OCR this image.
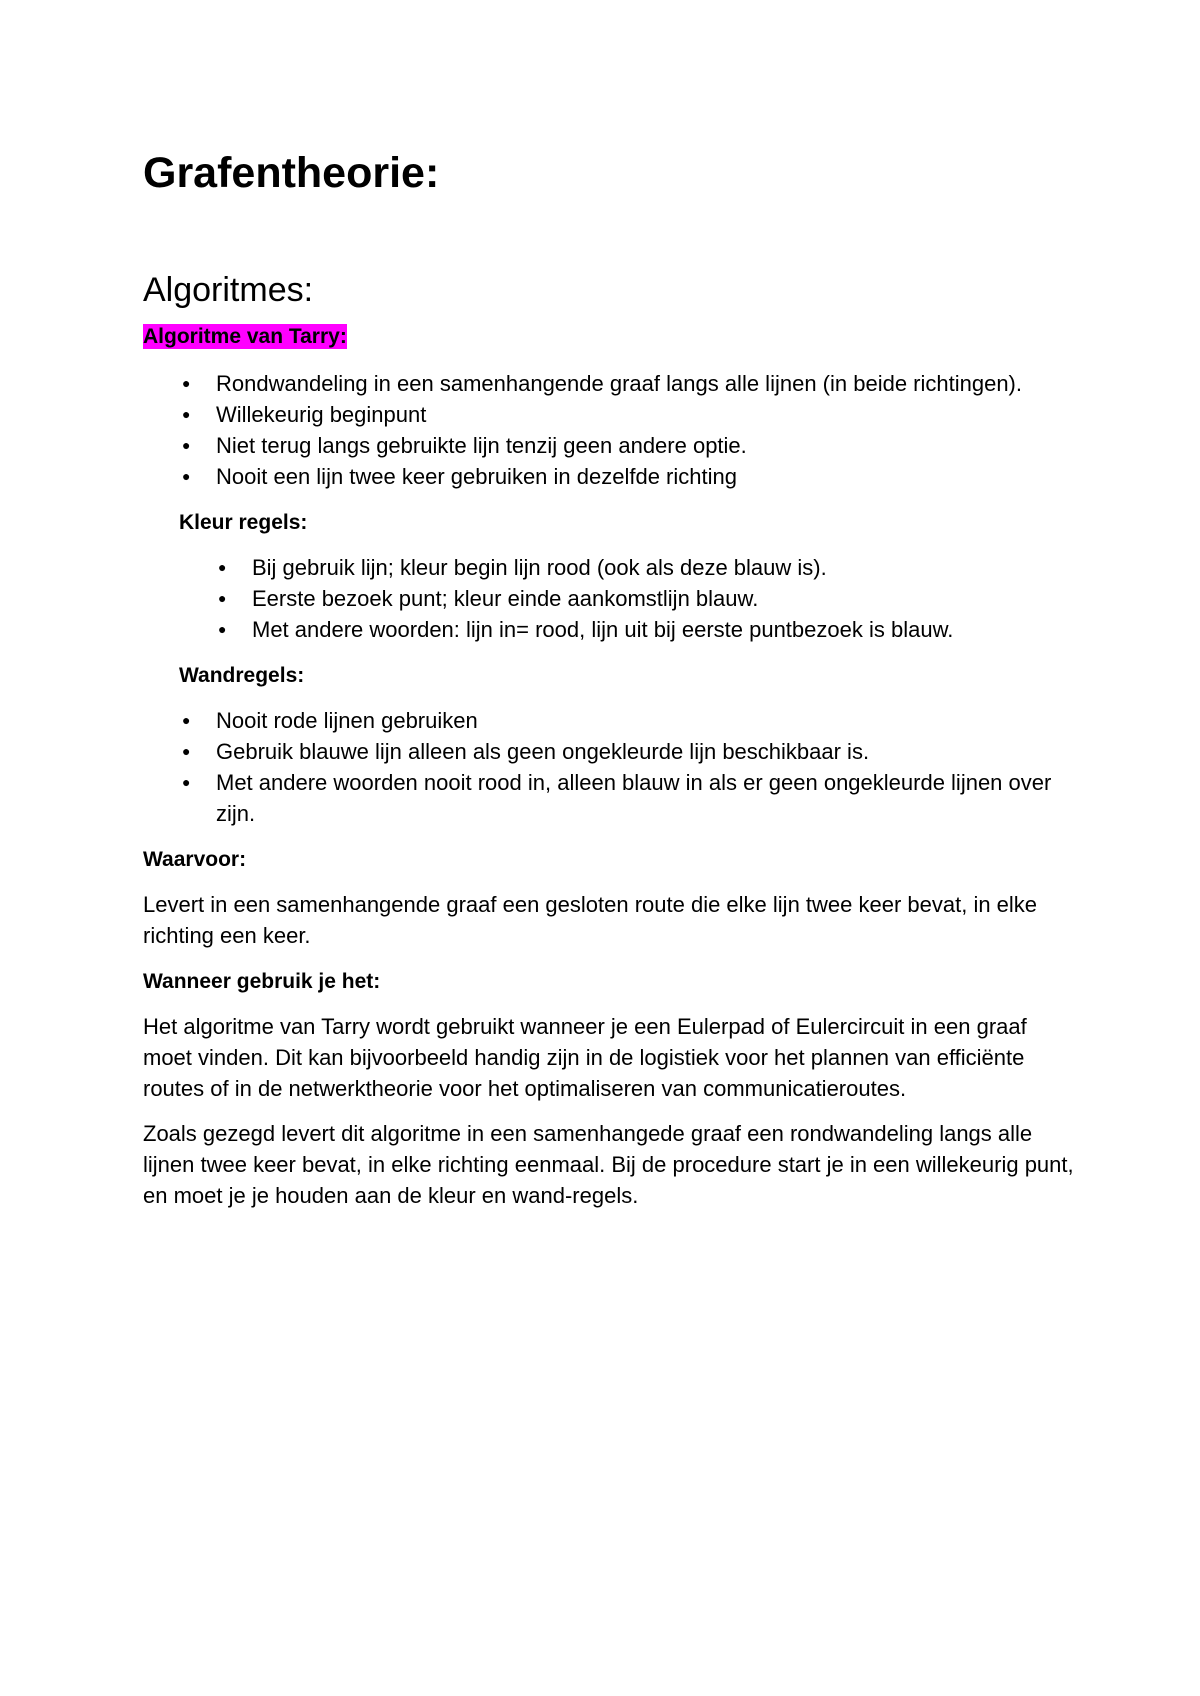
Grafentheorie:
Algoritmes:
Algoritme van Tarry:
● Rondwandeling in een samenhangende graaf langs alle lijnen (in beide richtingen).
● Willekeurig beginpunt
● Niet terug langs gebruikte lijn tenzij geen andere optie.
● Nooit een lijn twee keer gebruiken in dezelfde richting
Kleur regels:
● Bij gebruik lijn; kleur begin lijn rood (ook als deze blauw is).
● Eerste bezoek punt; kleur einde aankomstlijn blauw.
● Met andere woorden: lijn in= rood, lijn uit bij eerste puntbezoek is blauw.
Wandregels:
● Nooit rode lijnen gebruiken
● Gebruik blauwe lijn alleen als geen ongekleurde lijn beschikbaar is.
● Met andere woorden nooit rood in, alleen blauw in als er geen ongekleurde lijnen over zijn.
Waarvoor:

Levert in een samenhangende graaf een gesloten route die elke lijn twee keer bevat, in elke richting een keer.

Wanneer gebruik je het:

Het algoritme van Tarry wordt gebruikt wanneer je een Eulerpad of Eulercircuit in een graaf moet vinden. Dit kan bijvoorbeeld handig zijn in de logistiek voor het plannen van efficiënte routes of in de netwerktheorie voor het optimaliseren van communicatieroutes.

Zoals gezegd levert dit algoritme in een samenhangede graaf een rondwandeling langs alle lijnen twee keer bevat, in elke richting eenmaal. Bij de procedure start je in een willekeurig punt, en moet je je houden aan de kleur en wand-regels.
